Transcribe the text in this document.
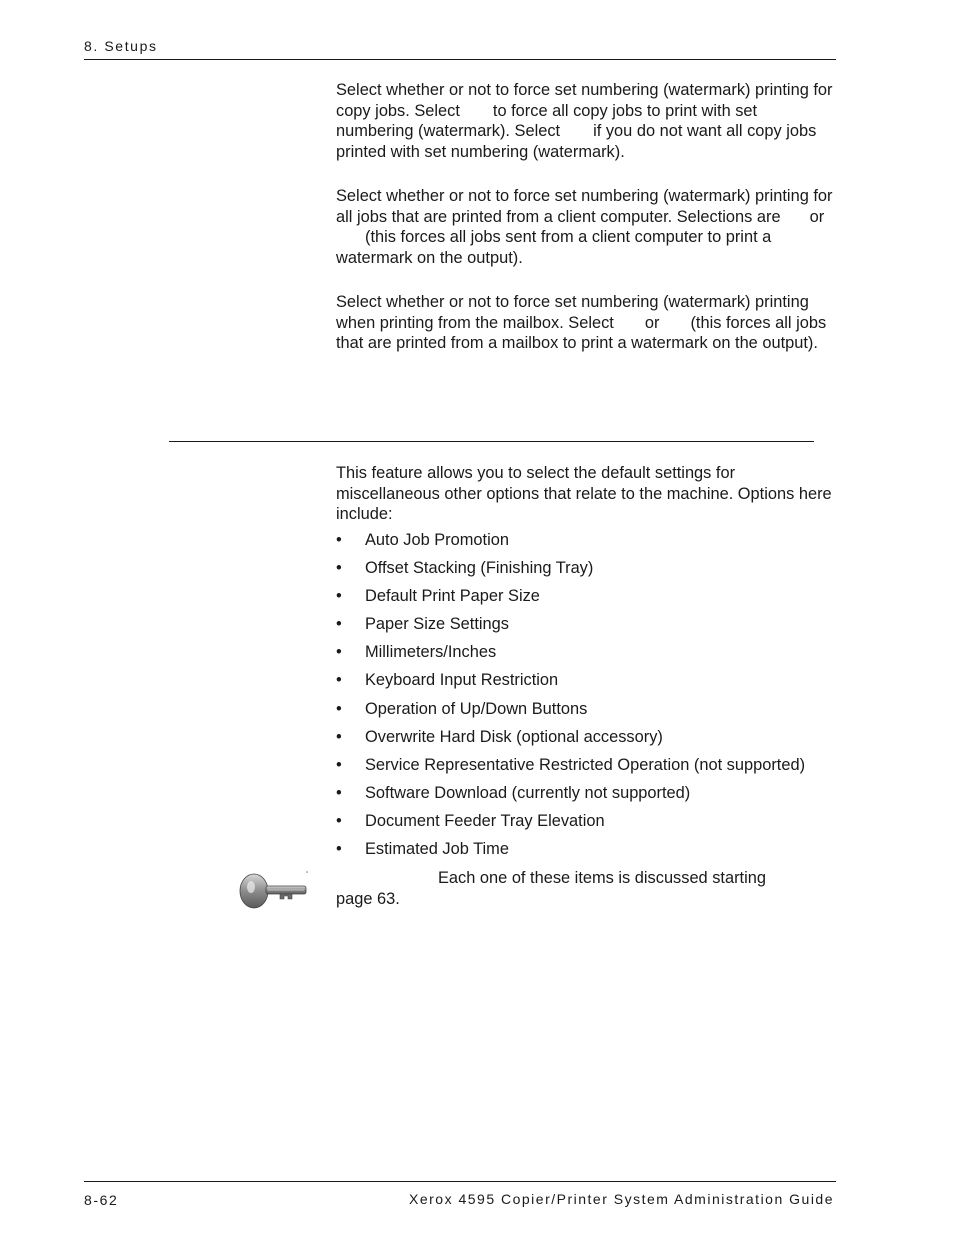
8. Setups

Select whether or not to force set numbering (watermark) printing for copy jobs. Select to force all copy jobs to print with set numbering (watermark). Select if you do not want all copy jobs printed with set numbering (watermark).

Select whether or not to force set numbering (watermark) printing for all jobs that are printed from a client computer. Selections are or(this forces all jobs sent from a client computer to print a watermark on the output).

Select whether or not to force set numbering (watermark) printing when printing from the mailbox. Select or (this forces all jobs that are printed from a mailbox to print a watermark on the output).

This feature allows you to select the default settings for miscellaneous other options that relate to the machine. Options here include:

• Auto Job Promotion
• Offset Stacking (Finishing Tray)
• Default Print Paper Size
• Paper Size Settings
• Millimeters/Inches
• Keyboard Input Restriction
• Operation of Up/Down Buttons
• Overwrite Hard Disk (optional accessory)
• Service Representative Restricted Operation (not supported)
• Software Download (currently not supported)
• Document Feeder Tray Elevation
• Estimated Job Time

Each one of these items is discussed starting
page 63.

8-62	Xerox 4595 Copier/Printer System Administration Guide
